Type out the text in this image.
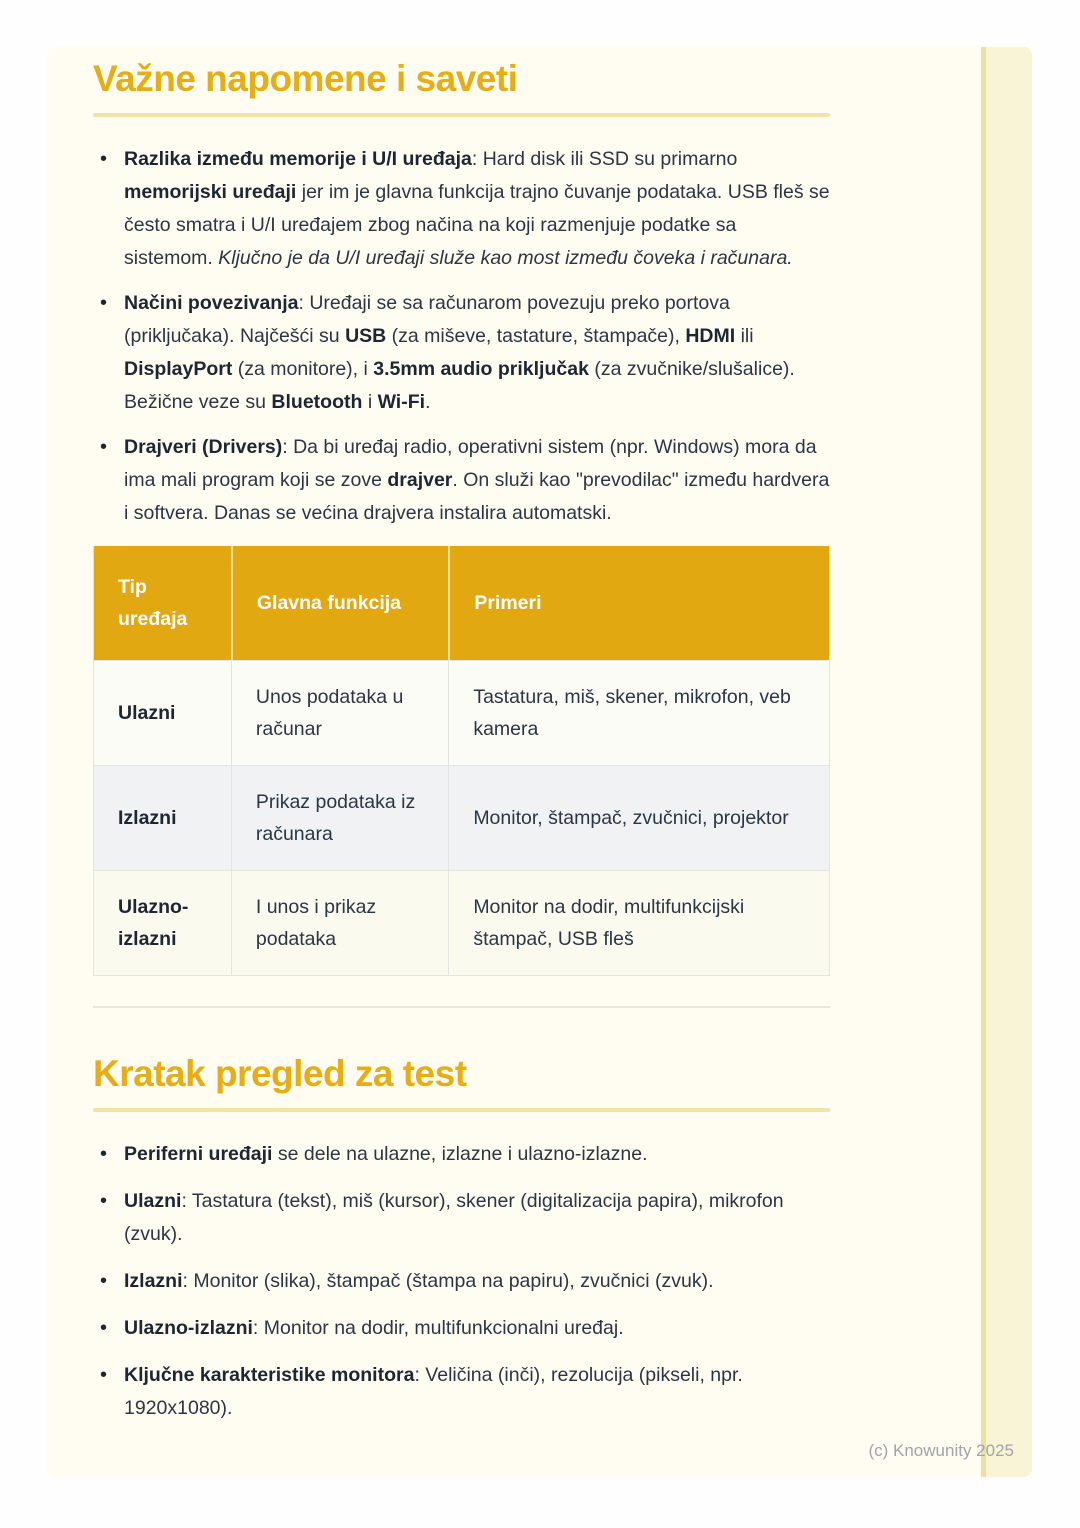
Važne napomene i saveti
• Razlika između memorije i U/I uređaja: Hard disk ili SSD su primarno memorijski uređaji jer im je glavna funkcija trajno čuvanje podataka. USB fleš se često smatra i U/I uređajem zbog načina na koji razmenjuje podatke sa sistemom. Ključno je da U/I uređaji služe kao most između čoveka i računara.
• Načini povezivanja: Uređaji se sa računarom povezuju preko portova (priključaka). Najčešći su USB (za miševe, tastature, štampače), HDMI ili DisplayPort (za monitore), i 3.5mm audio priključak (za zvučnike/slušalice). Bežične veze su Bluetooth i Wi-Fi.
• Drajveri (Drivers): Da bi uređaj radio, operativni sistem (npr. Windows) mora da ima mali program koji se zove drajver. On služi kao "prevodilac" između hardvera i softvera. Danas se većina drajvera instalira automatski.
Tip uređaja	Glavna funkcija	Primeri
Ulazni	Unos podataka u računar	Tastatura, miš, skener, mikrofon, veb kamera
Izlazni	Prikaz podataka iz računara	Monitor, štampač, zvučnici, projektor
Ulazno-izlazni	I unos i prikaz podataka	Monitor na dodir, multifunkcijski štampač, USB fleš
Kratak pregled za test
• Periferni uređaji se dele na ulazne, izlazne i ulazno-izlazne.
• Ulazni: Tastatura (tekst), miš (kursor), skener (digitalizacija papira), mikrofon (zvuk).
• Izlazni: Monitor (slika), štampač (štampa na papiru), zvučnici (zvuk).
• Ulazno-izlazni: Monitor na dodir, multifunkcionalni uređaj.
• Ključne karakteristike monitora: Veličina (inči), rezolucija (pikseli, npr. 1920x1080).
(c) Knowunity 2025
